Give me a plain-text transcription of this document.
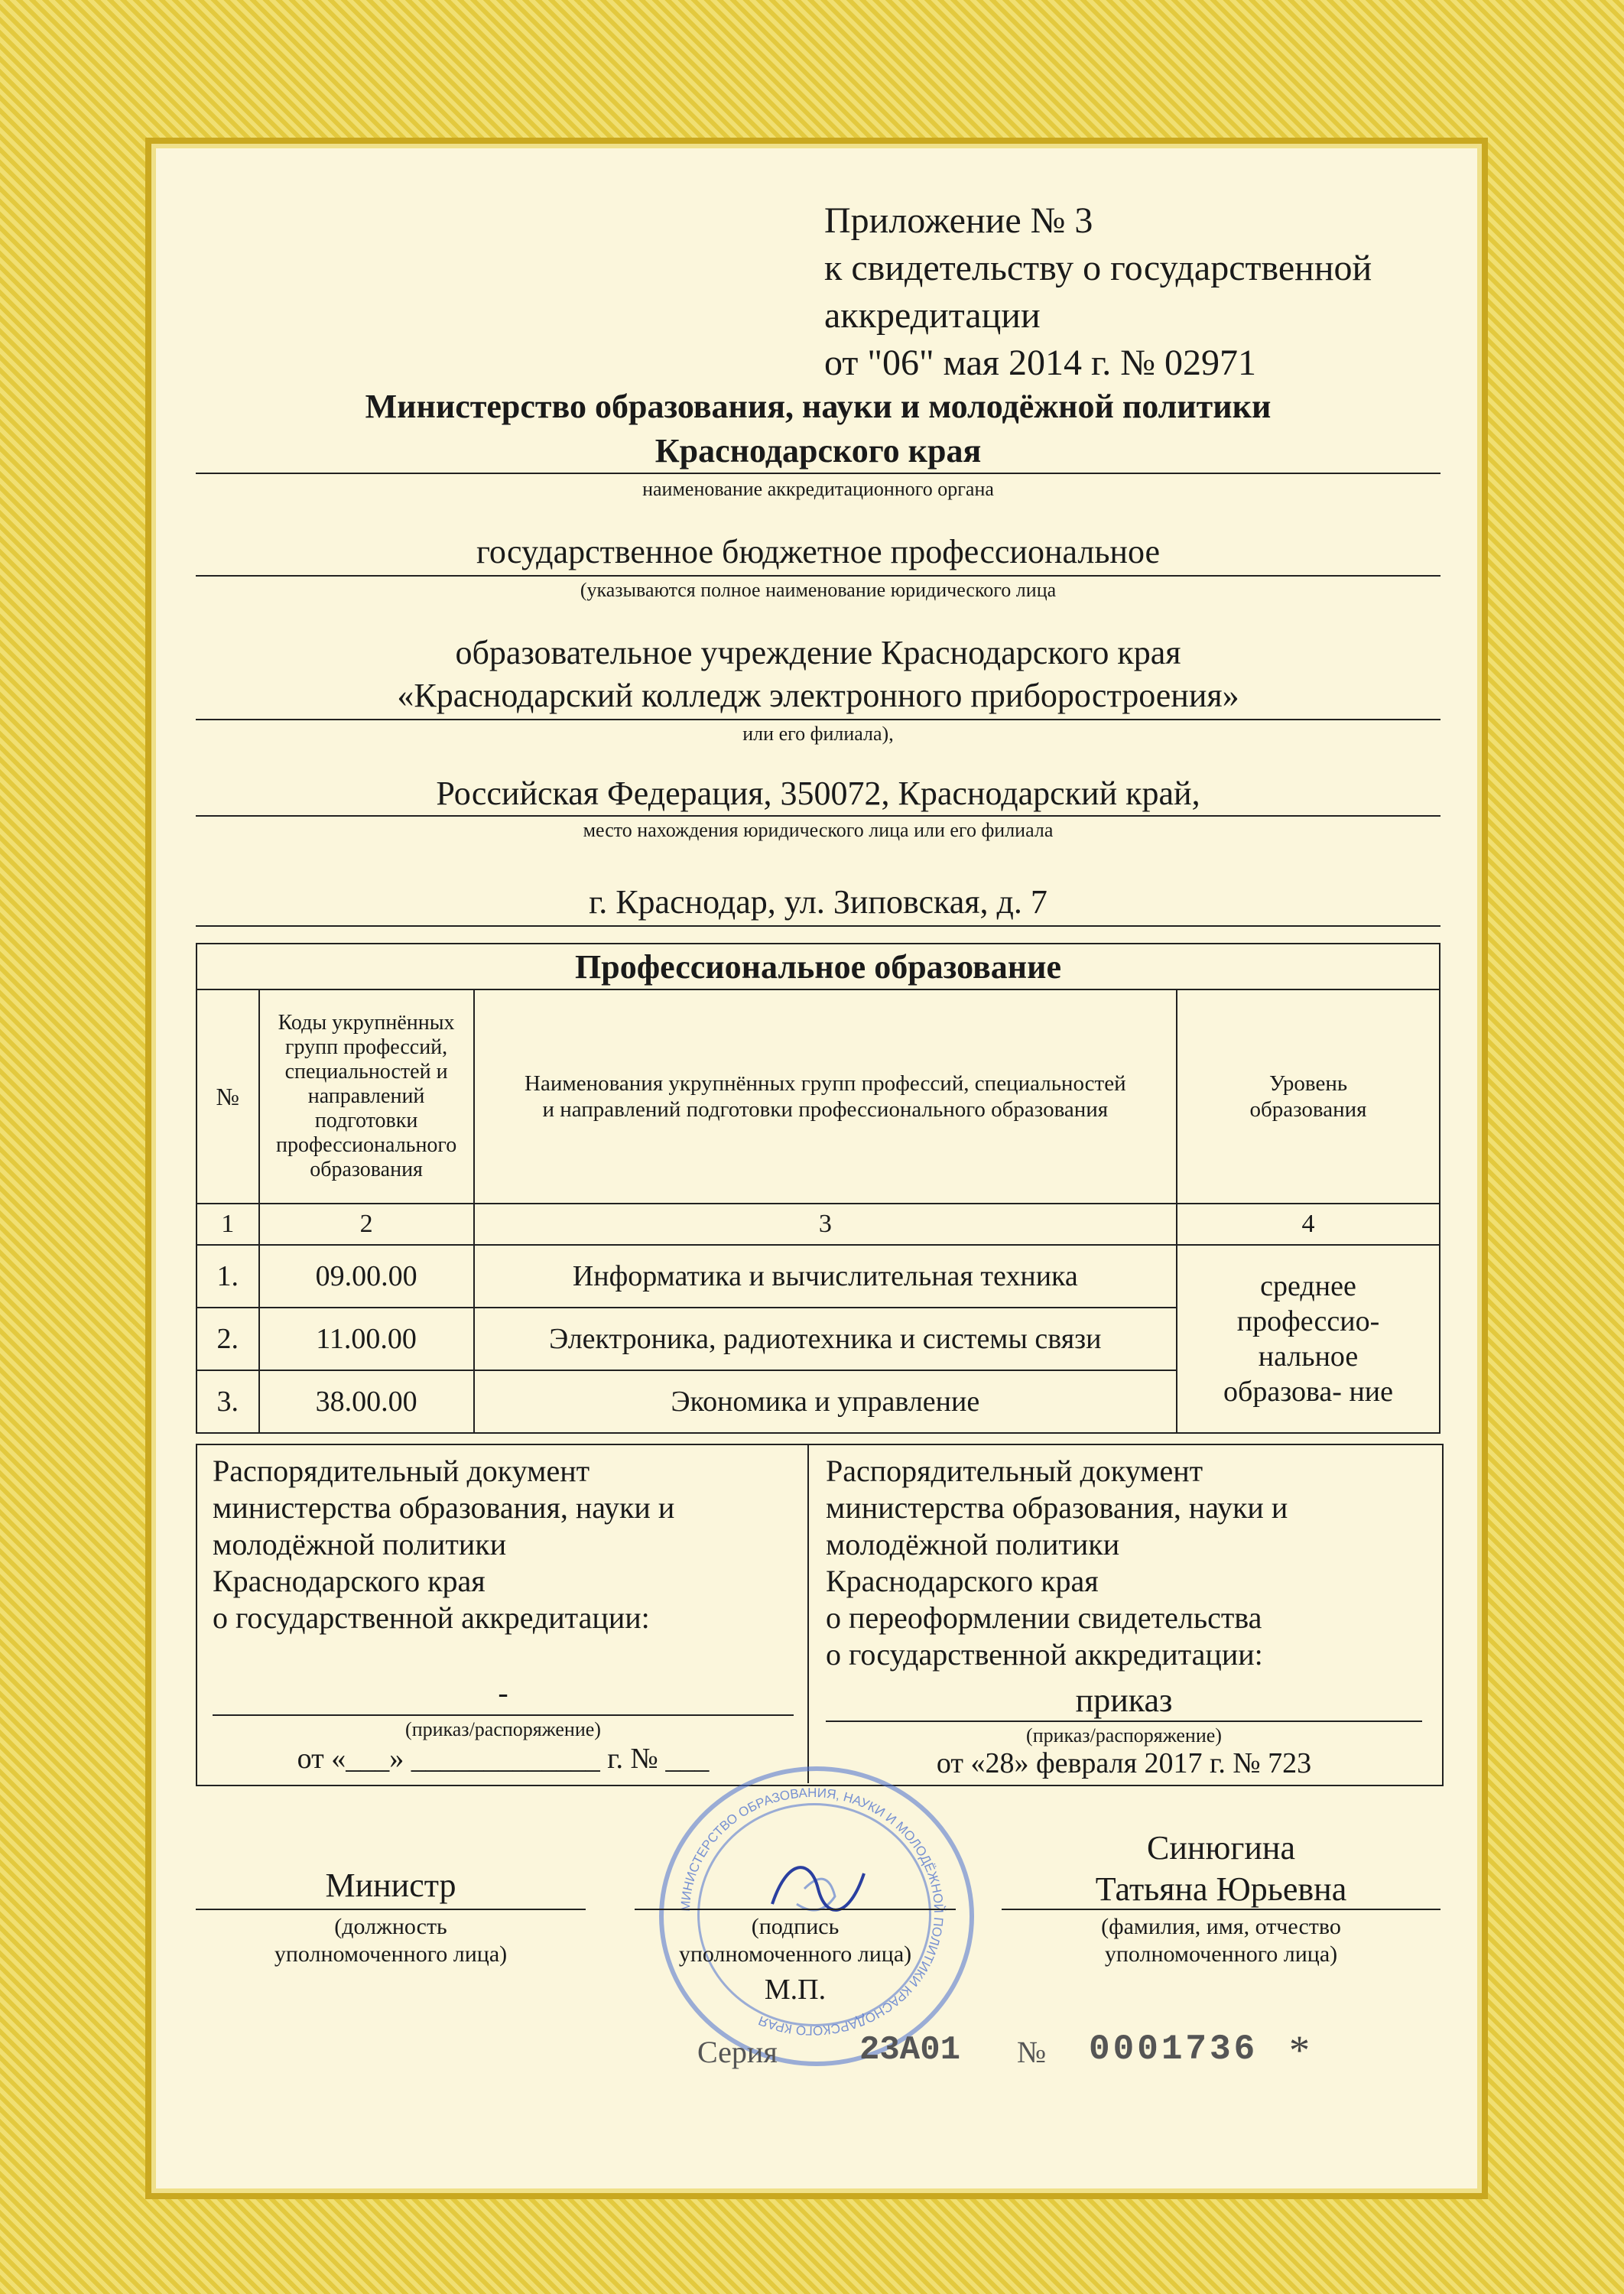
Приложение № 3
к свидетельству о государственной
аккредитации
от "06" мая 2014 г. № 02971
Министерство образования, науки и молодёжной политики
Краснодарского края
наименование аккредитационного органа
государственное бюджетное профессиональное
(указываются полное наименование юридического лица
образовательное учреждение Краснодарского края
«Краснодарский колледж электронного приборостроения»
или его филиала),
Российская Федерация, 350072, Краснодарский край,
место нахождения юридического лица или его филиала
г. Краснодар, ул. Зиповская, д. 7
Профессиональное образование			
№	Коды укрупнённых групп профессий, специальностей и направлений подготовки профессионального образования	Наименования укрупнённых групп профессий, специальностей и направлений подготовки профессионального образования	Уровень образования
1	2	3	4
1.	09.00.00	Информатика и вычислительная техника	среднее профессио- нальное образова- ние
2.	11.00.00	Электроника, радиотехника и системы связи	
3.	38.00.00	Экономика и управление	
Распорядительный документ
министерства образования, науки и
молодёжной политики
Краснодарского края
о государственной аккредитации:
-
(приказ/распоряжение)
от «___» _____________ г. № ___
Распорядительный документ
министерства образования, науки и
молодёжной политики
Краснодарского края
о переоформлении свидетельства
о государственной аккредитации:
приказ
(приказ/распоряжение)
от «28» февраля 2017 г. № 723
МИНИСТЕРСТВО ОБРАЗОВАНИЯ, НАУКИ И МОЛОДЁЖНОЙ ПОЛИТИКИ КРАСНОДАРСКОГО КРАЯ
Министр
(должность
уполномоченного лица)
(подпись
уполномоченного лица)
М.П.
Синюгина
Татьяна Юрьевна
(фамилия, имя, отчество
уполномоченного лица)
Серия 23А01 № 0001736 *
